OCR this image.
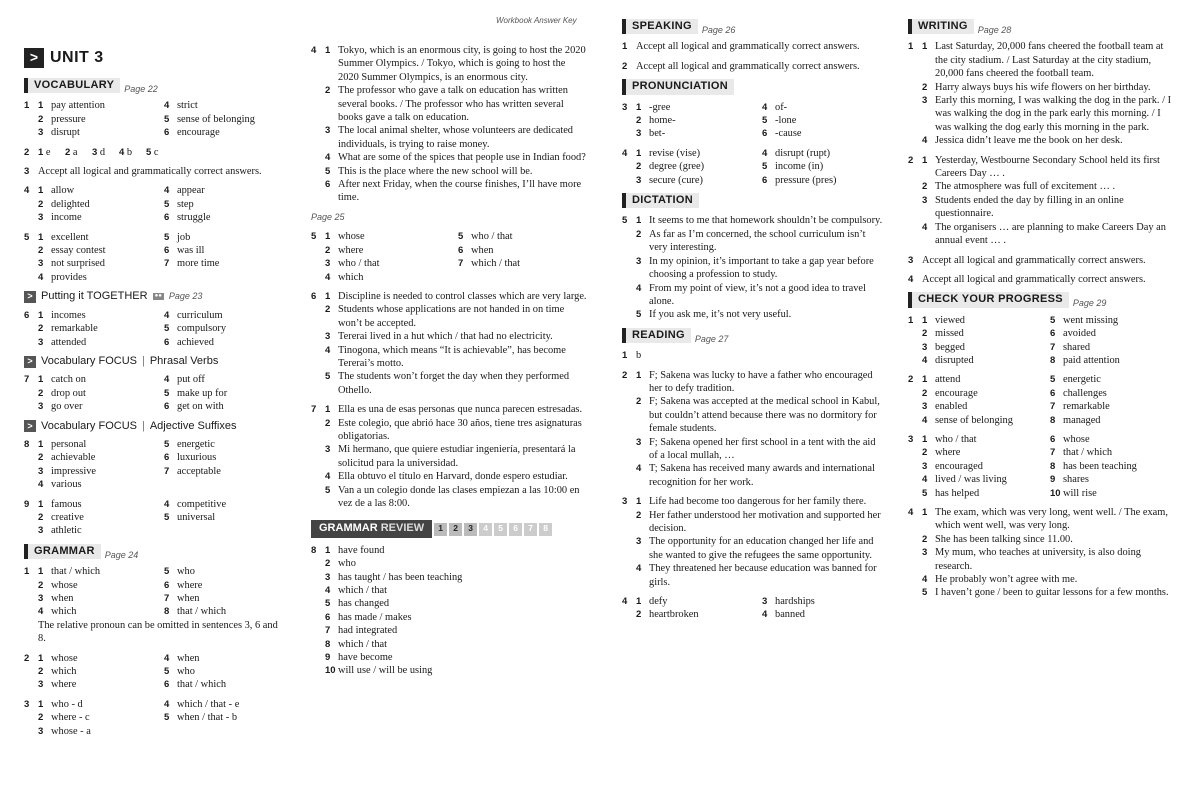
Workbook Answer Key
> UNIT 3
VOCABULARY	Page 22
1 1 pay attention
2 pressure
3 disrupt
4 strict
5 sense of belonging
6 encourage
2 1 e	2 a	3 d	4 b	5 c
3 Accept all logical and grammatically correct answers.
4 1 allow
2 delighted
3 income
4 appear
5 step
6 struggle
5 1 excellent
2 essay contest
3 not surprised
4 provides
5 job
6 was ill
7 more time
> Putting it TOGETHER	●● Page 23
6 1 incomes
2 remarkable
3 attended
4 curriculum
5 compulsory
6 achieved
> Vocabulary FOCUS | Phrasal Verbs
7 1 catch on
2 drop out
3 go over
4 put off
5 make up for
6 get on with
> Vocabulary FOCUS | Adjective Suffixes
8 1 personal
2 achievable
3 impressive
4 various
5 energetic
6 luxurious
7 acceptable
9 1 famous
2 creative
3 athletic
4 competitive
5 universal
GRAMMAR	Page 24
1 1 that / which
2 whose
3 when
4 which
5 who
6 where
7 when
8 that / which
The relative pronoun can be omitted in sentences 3, 6 and 8.
2 1 whose
2 which
3 where
4 when
5 who
6 that / which
3 1 who - d
2 where - c
3 whose - a
4 which / that - e
5 when / that - b
4 1 Tokyo, which is an enormous city, is going to host the 2020 Summer Olympics. / Tokyo, which is going to host the 2020 Summer Olympics, is an enormous city.
2 The professor who gave a talk on education has written several books. / The professor who has written several books gave a talk on education.
3 The local animal shelter, whose volunteers are dedicated individuals, is trying to raise money.
4 What are some of the spices that people use in Indian food?
5 This is the place where the new school will be.
6 After next Friday, when the course finishes, I’ll have more time.
Page 25
5 1 whose
2 where
3 who / that
4 which
5 who / that
6 when
7 which / that
6 1 Discipline is needed to control classes which are very large.
2 Students whose applications are not handed in on time won’t be accepted.
3 Tererai lived in a hut which / that had no electricity.
4 Tinogona, which means “It is achievable”, has become Tererai’s motto.
5 The students won’t forget the day when they performed Othello.
7 1 Ella es una de esas personas que nunca parecen estresadas.
2 Este colegio, que abrió hace 30 años, tiene tres asignaturas obligatorias.
3 Mi hermano, que quiere estudiar ingeniería, presentará la solicitud para la universidad.
4 Ella obtuvo el título en Harvard, donde espero estudiar.
5 Van a un colegio donde las clases empiezan a las 10:00 en vez de a las 8:00.
GRAMMAR REVIEW	1	2	3	4	5	6	7	8
8 1 have found
2 who
3 has taught / has been teaching
4 which / that
5 has changed
6 has made / makes
7 had integrated
8 which / that
9 have become
10 will use / will be using
SPEAKING	Page 26
1 Accept all logical and grammatically correct answers.
2 Accept all logical and grammatically correct answers.
PRONUNCIATION
3 1 -gree
2 home-
3 bet-
4 of-
5 -lone
6 -cause
4 1 revise (vise)
2 degree (gree)
3 secure (cure)
4 disrupt (rupt)
5 income (in)
6 pressure (pres)
DICTATION
5 1 It seems to me that homework shouldn’t be compulsory.
2 As far as I’m concerned, the school curriculum isn’t very interesting.
3 In my opinion, it’s important to take a gap year before choosing a profession to study.
4 From my point of view, it’s not a good idea to travel alone.
5 If you ask me, it’s not very useful.
READING	Page 27
1 b
2 1 F; Sakena was lucky to have a father who encouraged her to defy tradition.
2 F; Sakena was accepted at the medical school in Kabul, but couldn’t attend because there was no dormitory for female students.
3 F; Sakena opened her first school in a tent with the aid of a local mullah, …
4 T; Sakena has received many awards and international recognition for her work.
3 1 Life had become too dangerous for her family there.
2 Her father understood her motivation and supported her decision.
3 The opportunity for an education changed her life and she wanted to give the refugees the same opportunity.
4 They threatened her because education was banned for girls.
4 1 defy
2 heartbroken
3 hardships
4 banned
WRITING	Page 28
1 1 Last Saturday, 20,000 fans cheered the football team at the city stadium. / Last Saturday at the city stadium, 20,000 fans cheered the football team.
2 Harry always buys his wife flowers on her birthday.
3 Early this morning, I was walking the dog in the park. / I was walking the dog in the park early this morning. / I was walking the dog early this morning in the park.
4 Jessica didn’t leave me the book on her desk.
2 1 Yesterday, Westbourne Secondary School held its first Careers Day … .
2 The atmosphere was full of excitement … .
3 Students ended the day by filling in an online questionnaire.
4 The organisers … are planning to make Careers Day an annual event … .
3 Accept all logical and grammatically correct answers.
4 Accept all logical and grammatically correct answers.
CHECK YOUR PROGRESS	Page 29
1 1 viewed
2 missed
3 begged
4 disrupted
5 went missing
6 avoided
7 shared
8 paid attention
2 1 attend
2 encourage
3 enabled
4 sense of belonging
5 energetic
6 challenges
7 remarkable
8 managed
3 1 who / that
2 where
3 encouraged
4 lived / was living
5 has helped
6 whose
7 that / which
8 has been teaching
9 shares
10 will rise
4 1 The exam, which was very long, went well. / The exam, which went well, was very long.
2 She has been talking since 11.00.
3 My mum, who teaches at university, is also doing research.
4 He probably won’t agree with me.
5 I haven’t gone / been to guitar lessons for a few months.
